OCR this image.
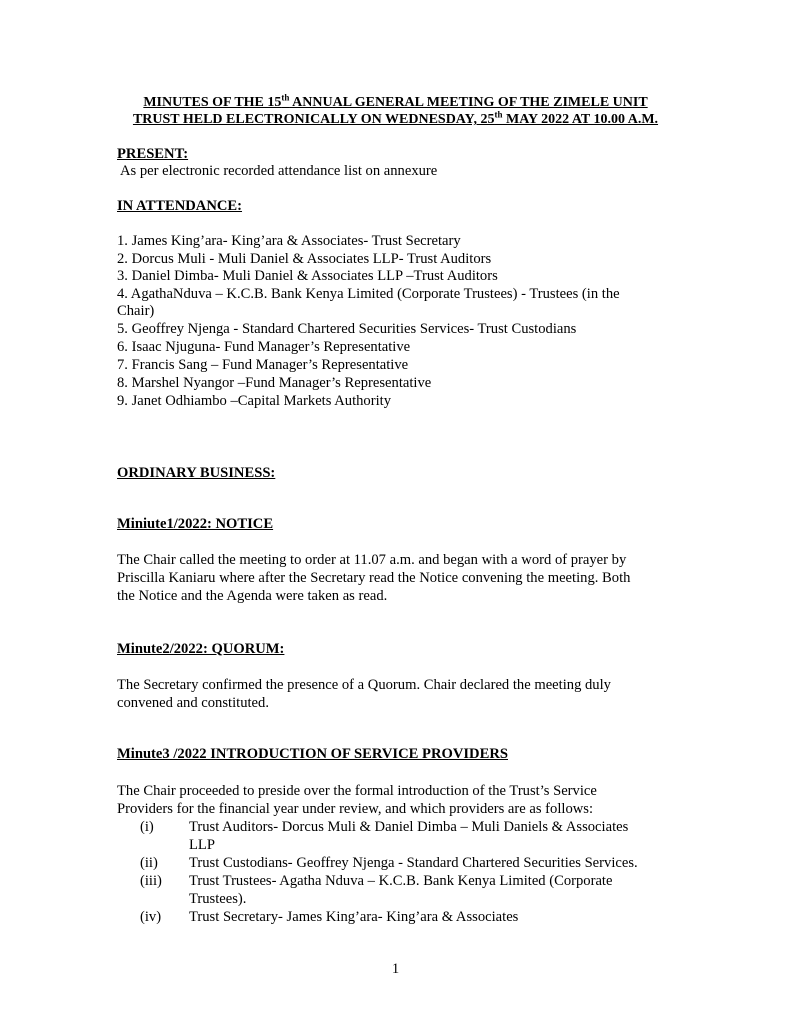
MINUTES OF THE 15th ANNUAL GENERAL MEETING OF THE ZIMELE UNIT
TRUST HELD ELECTRONICALLY ON WEDNESDAY, 25th MAY 2022 AT 10.00 A.M.
PRESENT:
As per electronic recorded attendance list on annexure
IN ATTENDANCE:
1. James King’ara- King’ara & Associates- Trust Secretary
2. Dorcus Muli - Muli Daniel & Associates LLP- Trust Auditors
3. Daniel Dimba- Muli Daniel & Associates LLP –Trust Auditors
4. AgathaNduva – K.C.B. Bank Kenya Limited (Corporate Trustees) - Trustees (in the
Chair)
5. Geoffrey Njenga - Standard Chartered Securities Services- Trust Custodians
6. Isaac Njuguna- Fund Manager’s Representative
7. Francis Sang – Fund Manager’s Representative
8. Marshel Nyangor –Fund Manager’s Representative
9. Janet Odhiambo –Capital Markets Authority
ORDINARY BUSINESS:
Miniute1/2022: NOTICE
The Chair called the meeting to order at 11.07 a.m. and began with a word of prayer by
Priscilla Kaniaru where after the Secretary read the Notice convening the meeting. Both
the Notice and the Agenda were taken as read.
Minute2/2022: QUORUM:
The Secretary confirmed the presence of a Quorum. Chair declared the meeting duly
convened and constituted.
Minute3 /2022 INTRODUCTION OF SERVICE PROVIDERS
The Chair proceeded to preside over the formal introduction of the Trust’s Service
Providers for the financial year under review, and which providers are as follows:
(i) Trust Auditors- Dorcus Muli & Daniel Dimba – Muli Daniels & Associates
LLP
(ii) Trust Custodians- Geoffrey Njenga - Standard Chartered Securities Services.
(iii) Trust Trustees- Agatha Nduva – K.C.B. Bank Kenya Limited (Corporate
Trustees).
(iv) Trust Secretary- James King’ara- King’ara & Associates
1
